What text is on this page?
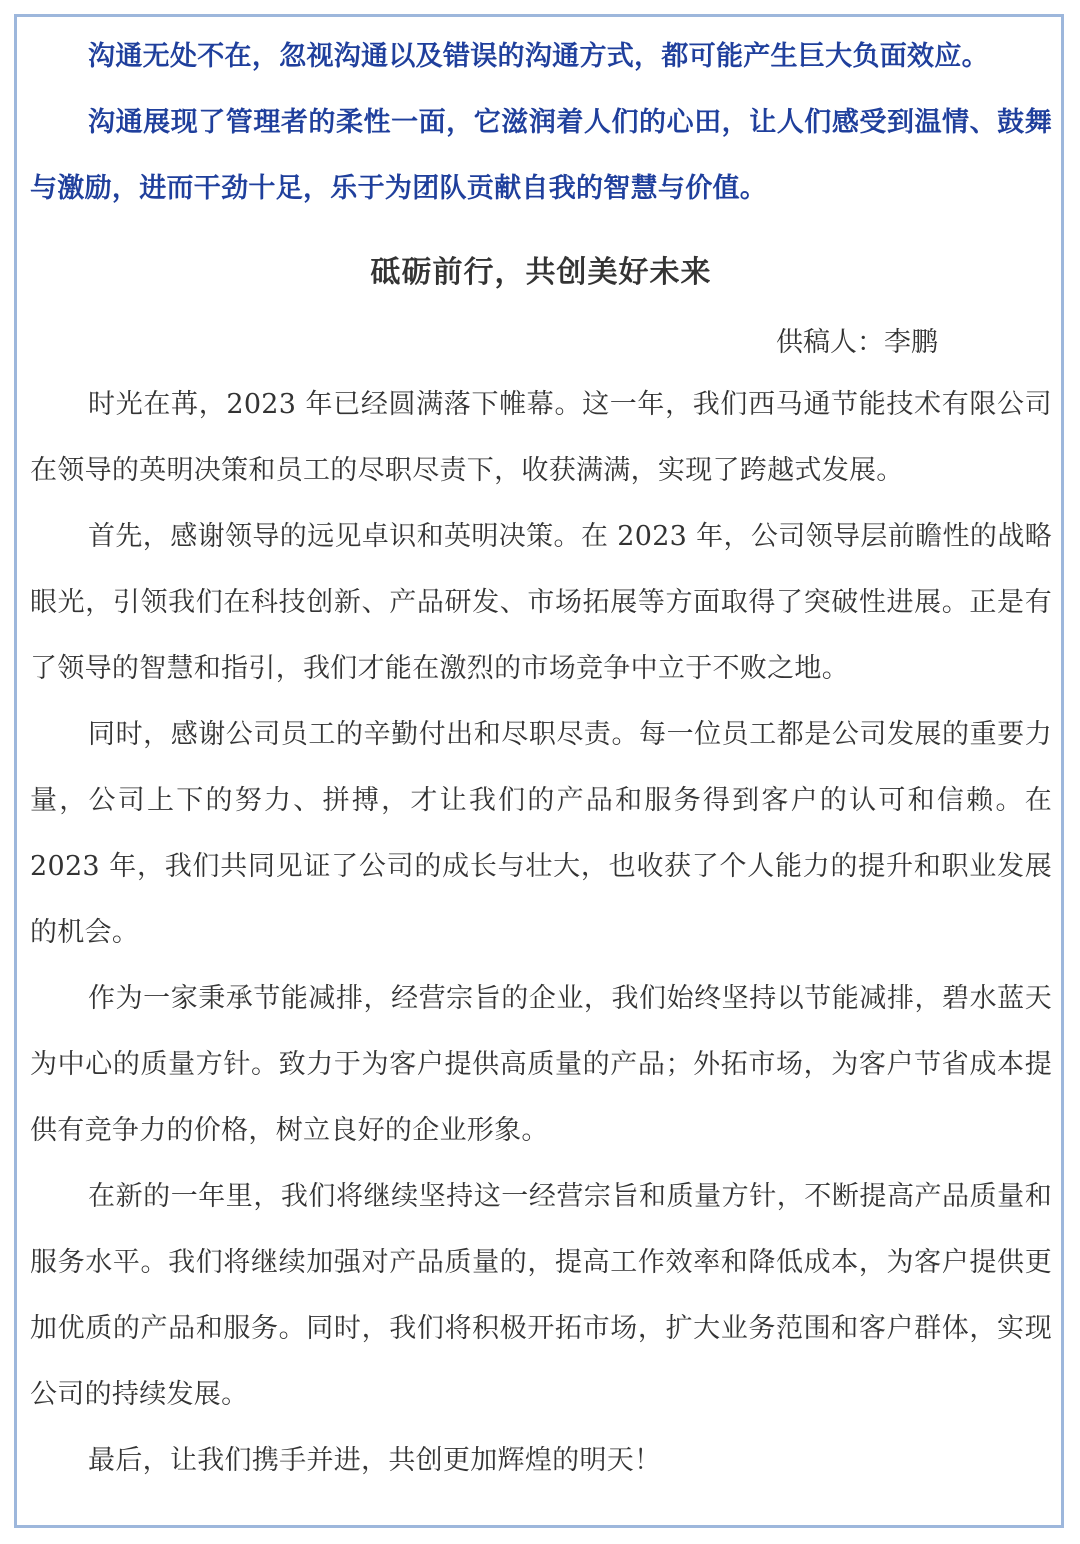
沟通无处不在，忽视沟通以及错误的沟通方式，都可能产生巨大负面效应。

沟通展现了管理者的柔性一面，它滋润着人们的心田，让人们感受到温情、鼓舞与激励，进而干劲十足，乐于为团队贡献自我的智慧与价值。

砥砺前行，共创美好未来
供稿人：李鹏

时光在苒，2023 年已经圆满落下帷幕。这一年，我们西马通节能技术有限公司在领导的英明决策和员工的尽职尽责下，收获满满，实现了跨越式发展。

首先，感谢领导的远见卓识和英明决策。在 2023 年，公司领导层前瞻性的战略眼光，引领我们在科技创新、产品研发、市场拓展等方面取得了突破性进展。正是有了领导的智慧和指引，我们才能在激烈的市场竞争中立于不败之地。

同时，感谢公司员工的辛勤付出和尽职尽责。每一位员工都是公司发展的重要力量，公司上下的努力、拼搏，才让我们的产品和服务得到客户的认可和信赖。在 2023 年，我们共同见证了公司的成长与壮大，也收获了个人能力的提升和职业发展的机会。

作为一家秉承节能减排，经营宗旨的企业，我们始终坚持以节能减排，碧水蓝天为中心的质量方针。致力于为客户提供高质量的产品；外拓市场，为客户节省成本提供有竞争力的价格，树立良好的企业形象。

在新的一年里，我们将继续坚持这一经营宗旨和质量方针，不断提高产品质量和服务水平。我们将继续加强对产品质量的，提高工作效率和降低成本，为客户提供更加优质的产品和服务。同时，我们将积极开拓市场，扩大业务范围和客户群体，实现公司的持续发展。

最后，让我们携手并进，共创更加辉煌的明天！
